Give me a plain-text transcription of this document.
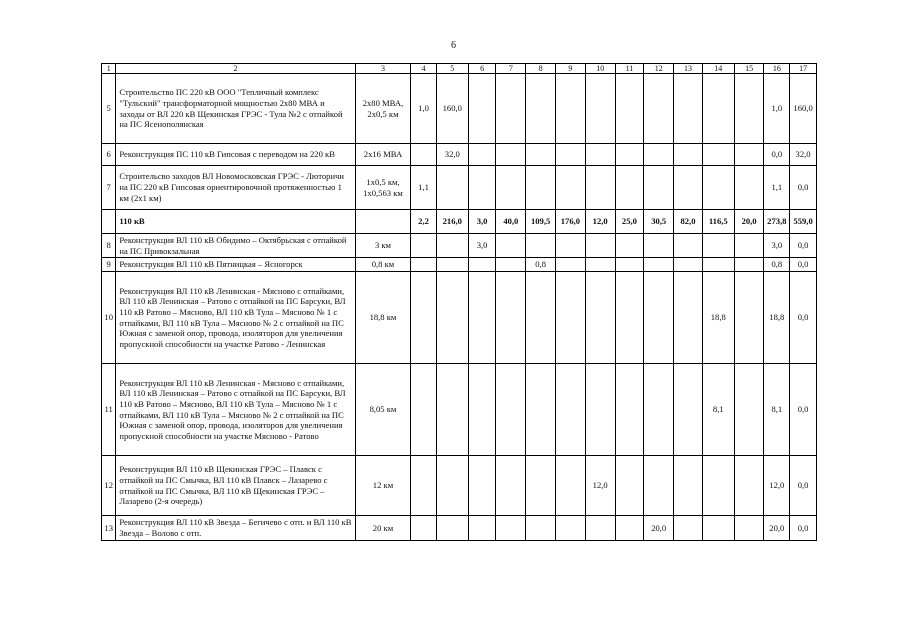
6
1	2	3	4	5	6	7	8	9	10	11	12	13	14	15	16	17
5	Строительство ПС 220 кВ ООО "Тепличный комплекс "Тульский" трансформаторной мощностью 2х80 МВА и заходы от ВЛ 220 кВ Щекинская ГРЭС - Тула №2 с отпайкой на ПС Ясенополянская	2х80 МВА, 2х0,5 км	1,0	160,0											1,0	160,0
6	Реконструкция ПС 110 кВ Гипсовая с переводом на 220 кВ	2х16 МВА		32,0											0,0	32,0
7	Строительсво заходов ВЛ Новомосковская ГРЭС - Люторичи на ПС 220 кВ Гипсовая ориентировочной протяженностью 1 км (2х1 км)	1х0,5 км, 1х0,563 км	1,1												1,1	0,0
	110 кВ		2,2	216,0	3,0	40,0	109,5	176,0	12,0	25,0	30,5	82,0	116,5	20,0	273,8	559,0
8	Реконструкция ВЛ 110 кВ Обидимо – Октябрьская с отпайкой на ПС Привокзальная	3 км			3,0										3,0	0,0
9	Реконструкция ВЛ 110 кВ Пятницкая – Ясногорск	0,8 км					0,8								0,8	0,0
10	Реконструкция ВЛ 110 кВ Ленинская - Мясново с отпайками, ВЛ 110 кВ Ленинская – Ратово с отпайкой на ПС Барсуки, ВЛ 110 кВ Ратово – Мясново, ВЛ 110 кВ Тула – Мясново № 1 с отпайками, ВЛ 110 кВ Тула – Мясново № 2 с отпайкой на ПС Южная с заменой опор, провода, изоляторов для увеличения пропускной способности на участке Ратово - Ленинская	18,8 км											18,8		18,8	0,0
11	Реконструкция ВЛ 110 кВ Ленинская - Мясново с отпайками, ВЛ 110 кВ Ленинская – Ратово с отпайкой на ПС Барсуки, ВЛ 110 кВ Ратово – Мясново, ВЛ 110 кВ Тула – Мясново № 1 с отпайками, ВЛ 110 кВ Тула – Мясново № 2 с отпайкой на ПС Южная с заменой опор, провода, изоляторов для увеличения пропускной способности на участке Мясново - Ратово	8,05 км											8,1		8,1	0,0
12	Реконструкция ВЛ 110 кВ Щекинская ГРЭС – Плавск с отпайкой на ПС Смычка, ВЛ 110 кВ Плавск – Лазарево с отпайкой на ПС Смычка, ВЛ 110 кВ Щекинская ГРЭС – Лазарево (2-я очередь)	12 км							12,0						12,0	0,0
13	Реконструкция ВЛ 110 кВ Звезда – Бегичево с отп. и ВЛ 110 кВ Звезда – Волово с отп.	20 км									20,0				20,0	0,0
